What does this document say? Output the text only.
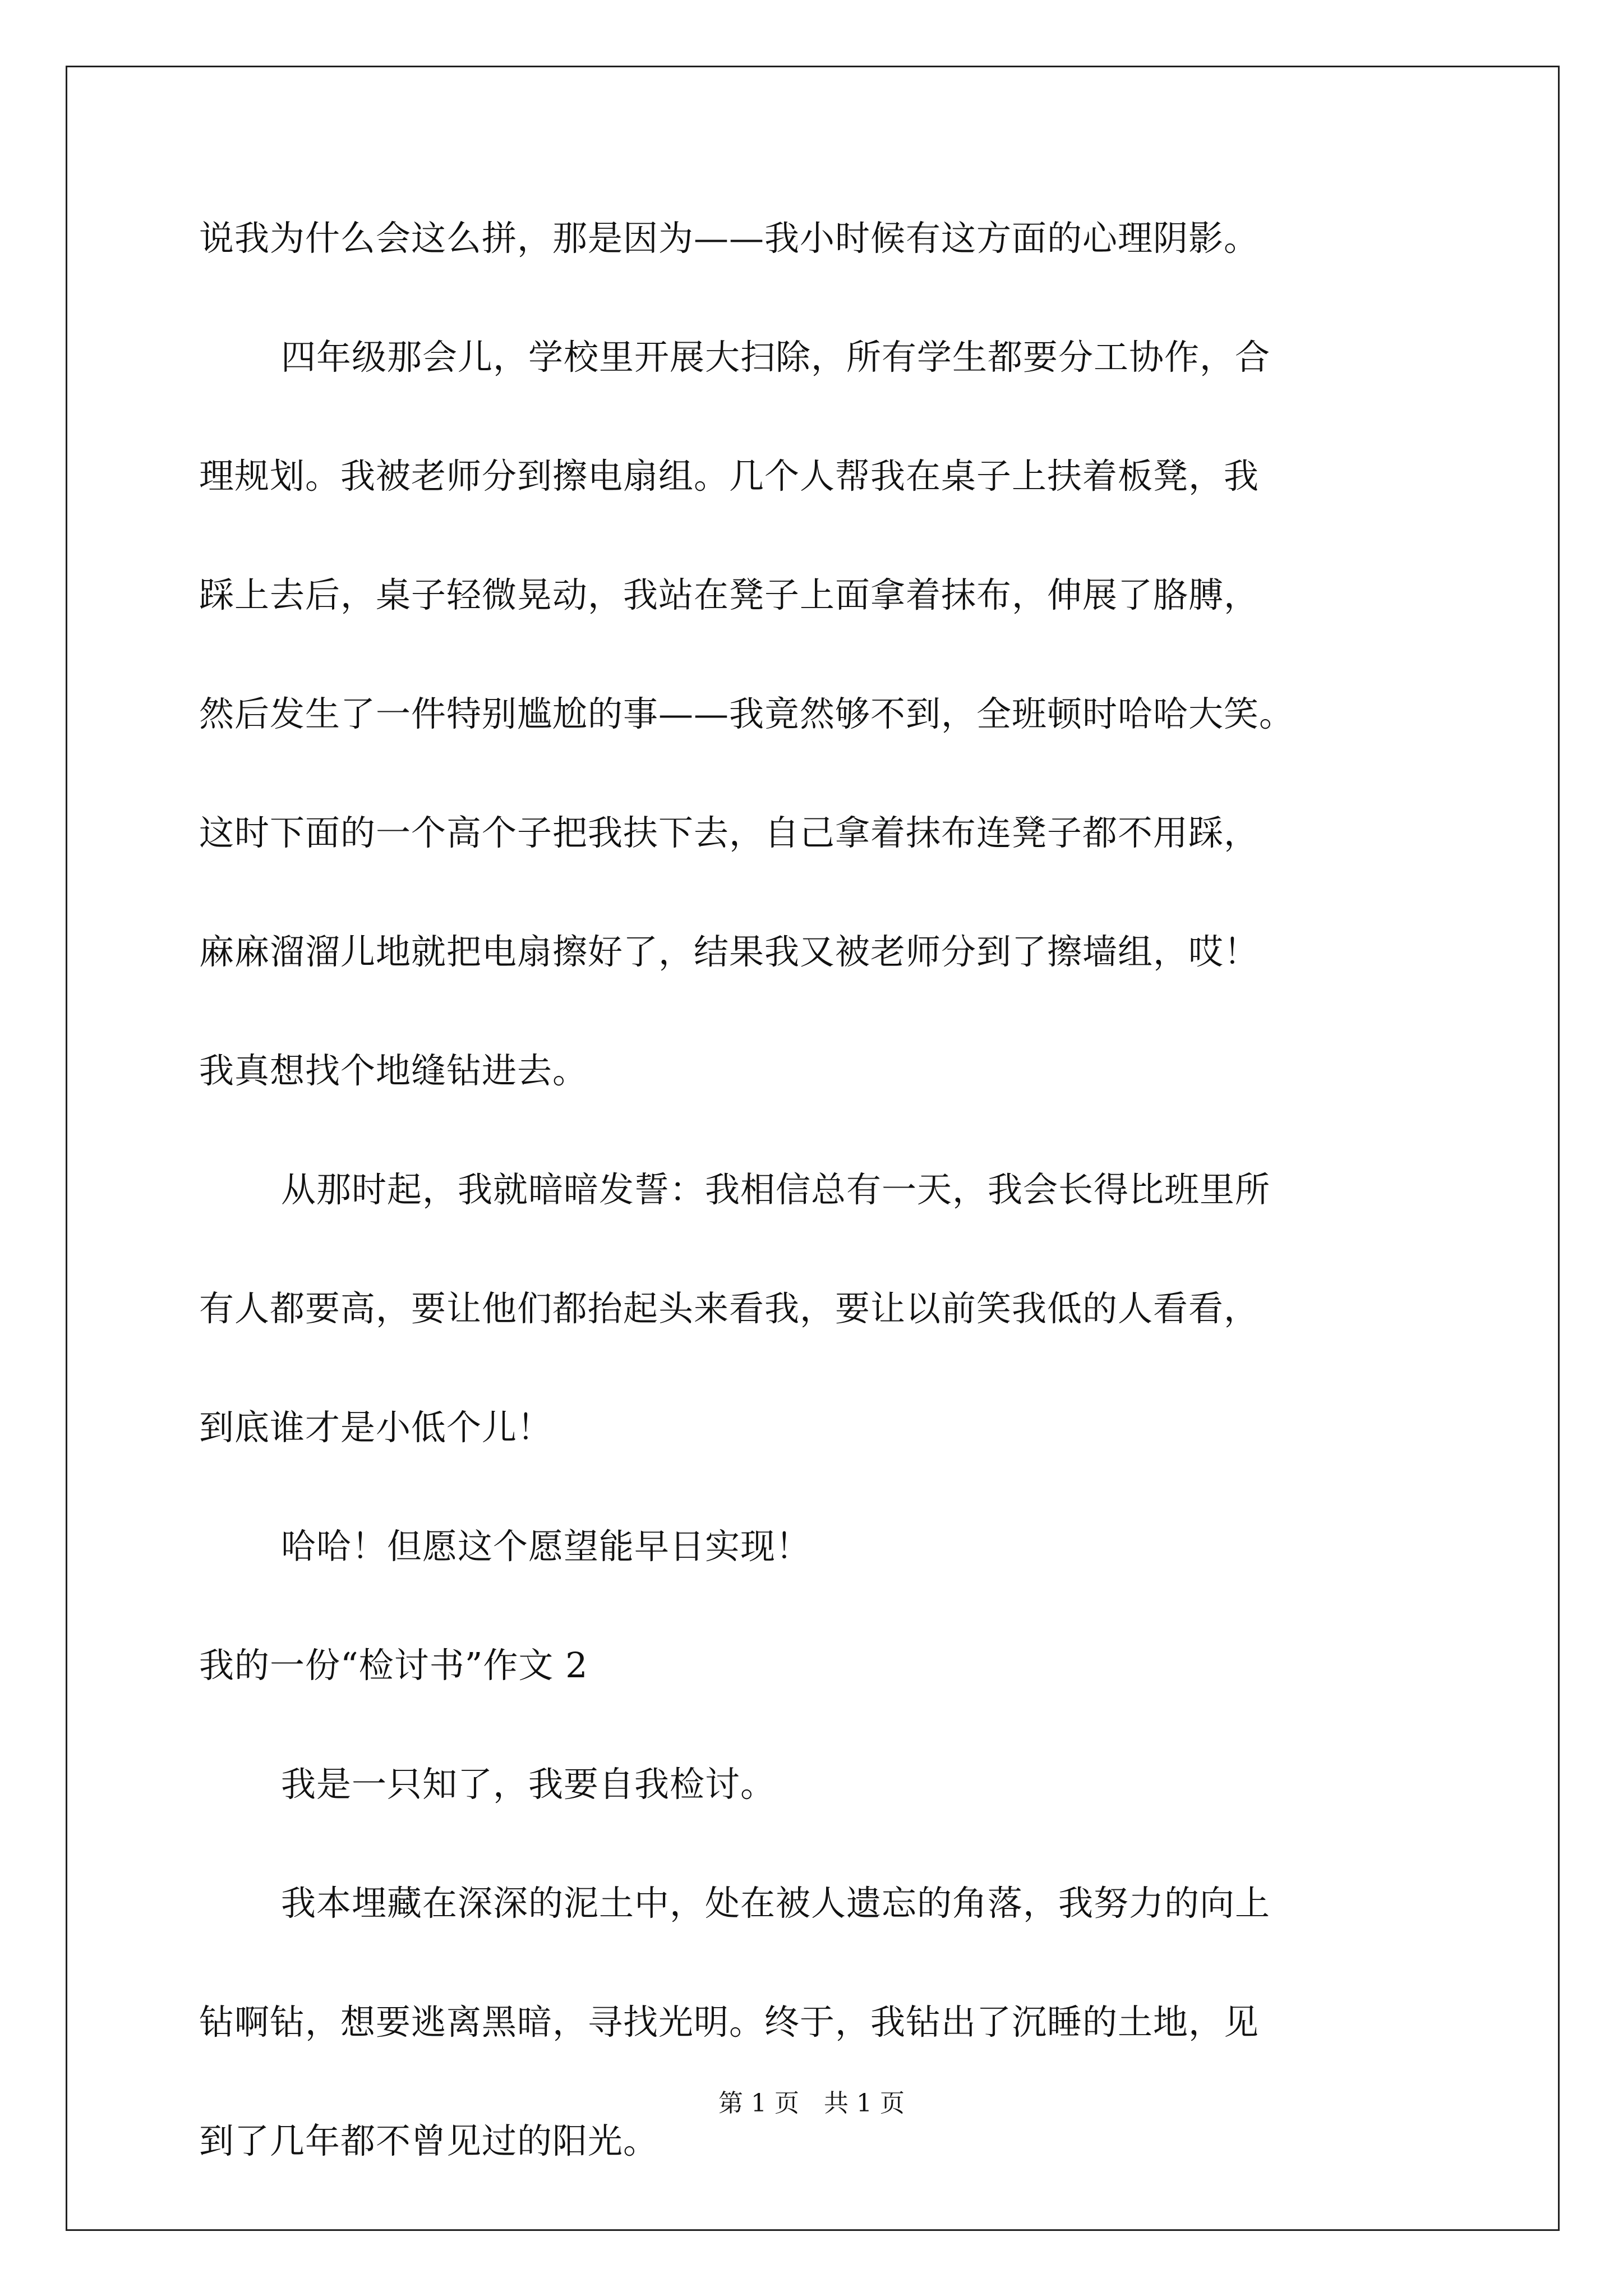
说我为什么会这么拼，那是因为——我小时候有这方面的心理阴影。
四年级那会儿，学校里开展大扫除，所有学生都要分工协作，合
理规划。我被老师分到擦电扇组。几个人帮我在桌子上扶着板凳，我
踩上去后，桌子轻微晃动，我站在凳子上面拿着抹布，伸展了胳膊，
然后发生了一件特别尴尬的事——我竟然够不到，全班顿时哈哈大笑。
这时下面的一个高个子把我扶下去，自己拿着抹布连凳子都不用踩，
麻麻溜溜儿地就把电扇擦好了，结果我又被老师分到了擦墙组，哎！
我真想找个地缝钻进去。
从那时起，我就暗暗发誓：我相信总有一天，我会长得比班里所
有人都要高，要让他们都抬起头来看我，要让以前笑我低的人看看，
到底谁才是小低个儿！
哈哈！但愿这个愿望能早日实现！
我的一份“检讨书”作文 2
我是一只知了，我要自我检讨。
我本埋藏在深深的泥土中，处在被人遗忘的角落，我努力的向上
钻啊钻，想要逃离黑暗，寻找光明。终于，我钻出了沉睡的土地，见
到了几年都不曾见过的阳光。
第 1 页　共 1 页
